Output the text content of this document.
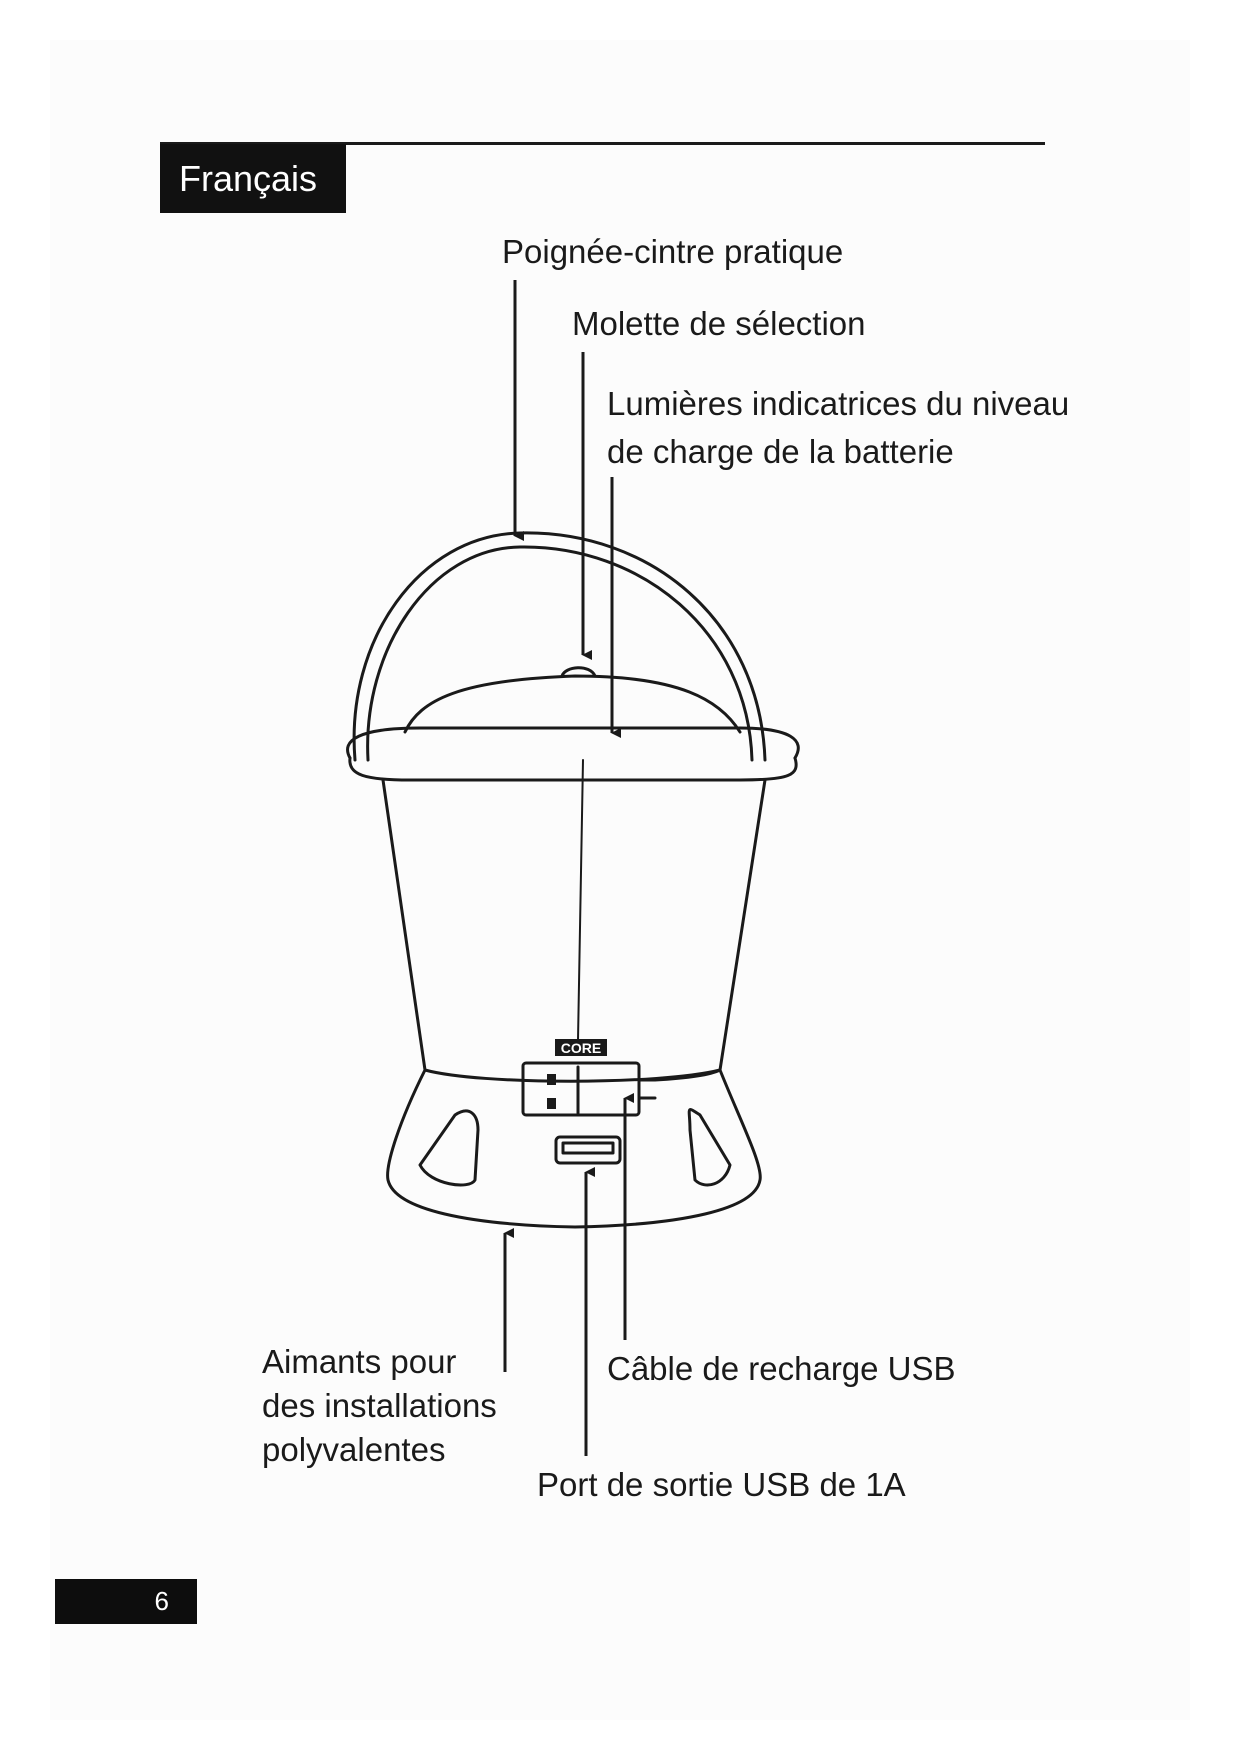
Français
CORE
Poignée-cintre pratique
Molette de sélection
Lumières indicatrices du niveau
de charge de la batterie
Aimants pour
des installations
polyvalentes
Câble de recharge USB
Port de sortie USB de 1A
6
